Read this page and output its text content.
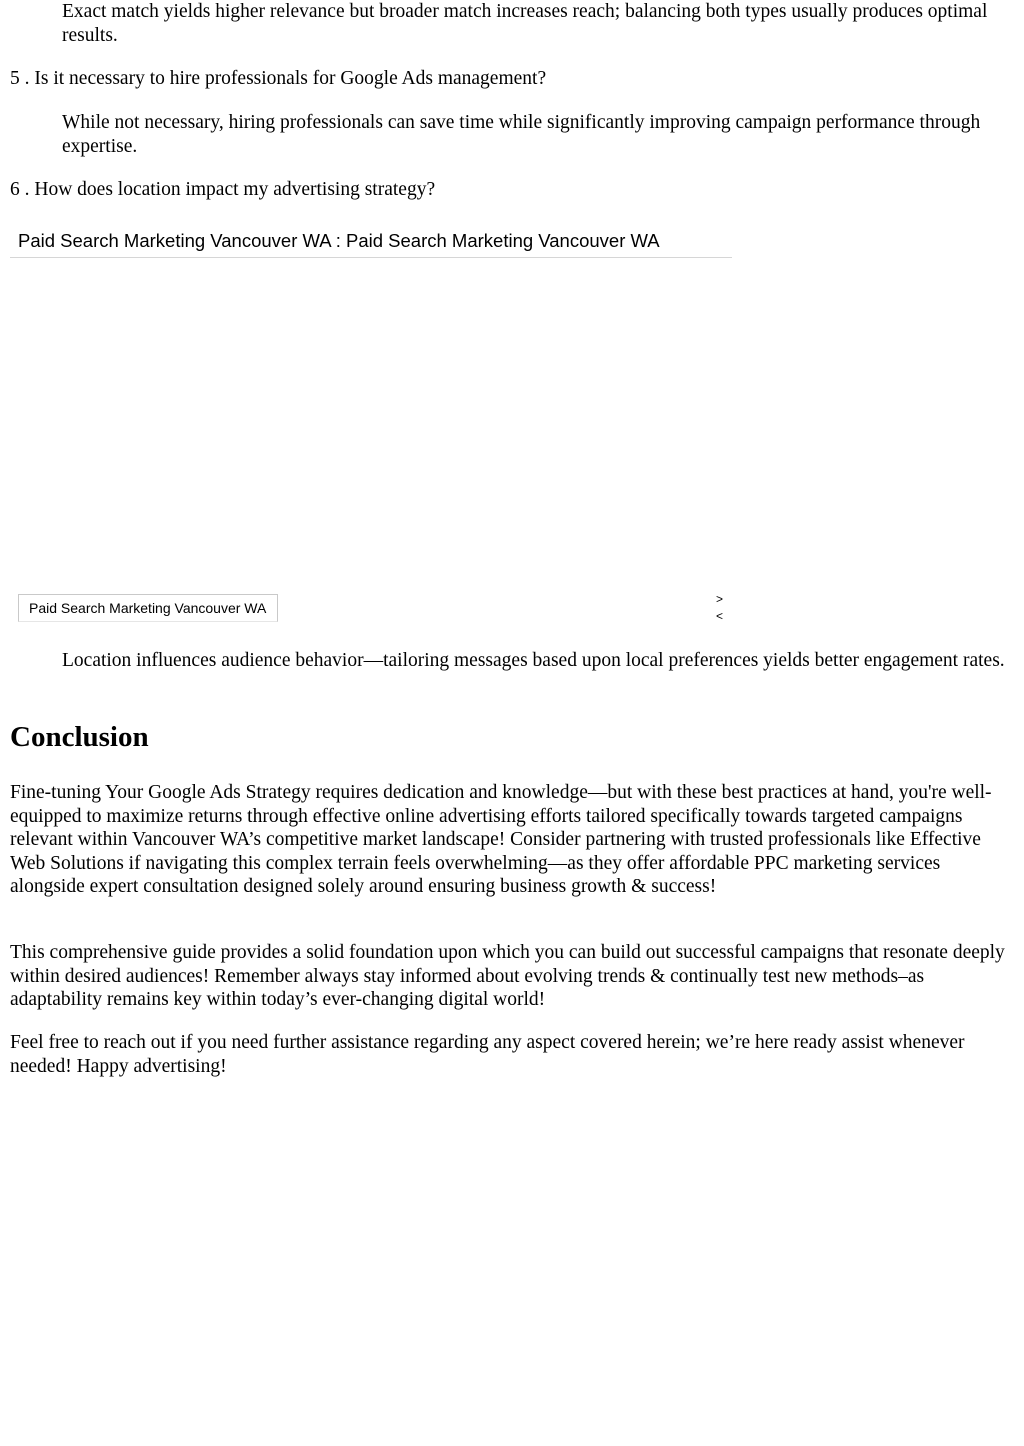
Exact match yields higher relevance but broader match increases reach; balancing both types usually produces optimal results.

5 . Is it necessary to hire professionals for Google Ads management?

While not necessary, hiring professionals can save time while significantly improving campaign performance through expertise.

6 . How does location impact my advertising strategy?

Paid Search Marketing Vancouver WA : Paid Search Marketing Vancouver WA
Paid Search Marketing Vancouver WA
>
<

Location influences audience behavior—tailoring messages based upon local preferences yields better engagement rates.

Conclusion

Fine-tuning Your Google Ads Strategy requires dedication and knowledge—but with these best practices at hand, you're well-equipped to maximize returns through effective online advertising efforts tailored specifically towards targeted campaigns relevant within Vancouver WA’s competitive market landscape! Consider partnering with trusted professionals like Effective Web Solutions if navigating this complex terrain feels overwhelming—as they offer affordable PPC marketing services alongside expert consultation designed solely around ensuring business growth & success!

This comprehensive guide provides a solid foundation upon which you can build out successful campaigns that resonate deeply within desired audiences! Remember always stay informed about evolving trends & continually test new methods–as adaptability remains key within today’s ever-changing digital world!

Feel free to reach out if you need further assistance regarding any aspect covered herein; we’re here ready assist whenever needed! Happy advertising!
